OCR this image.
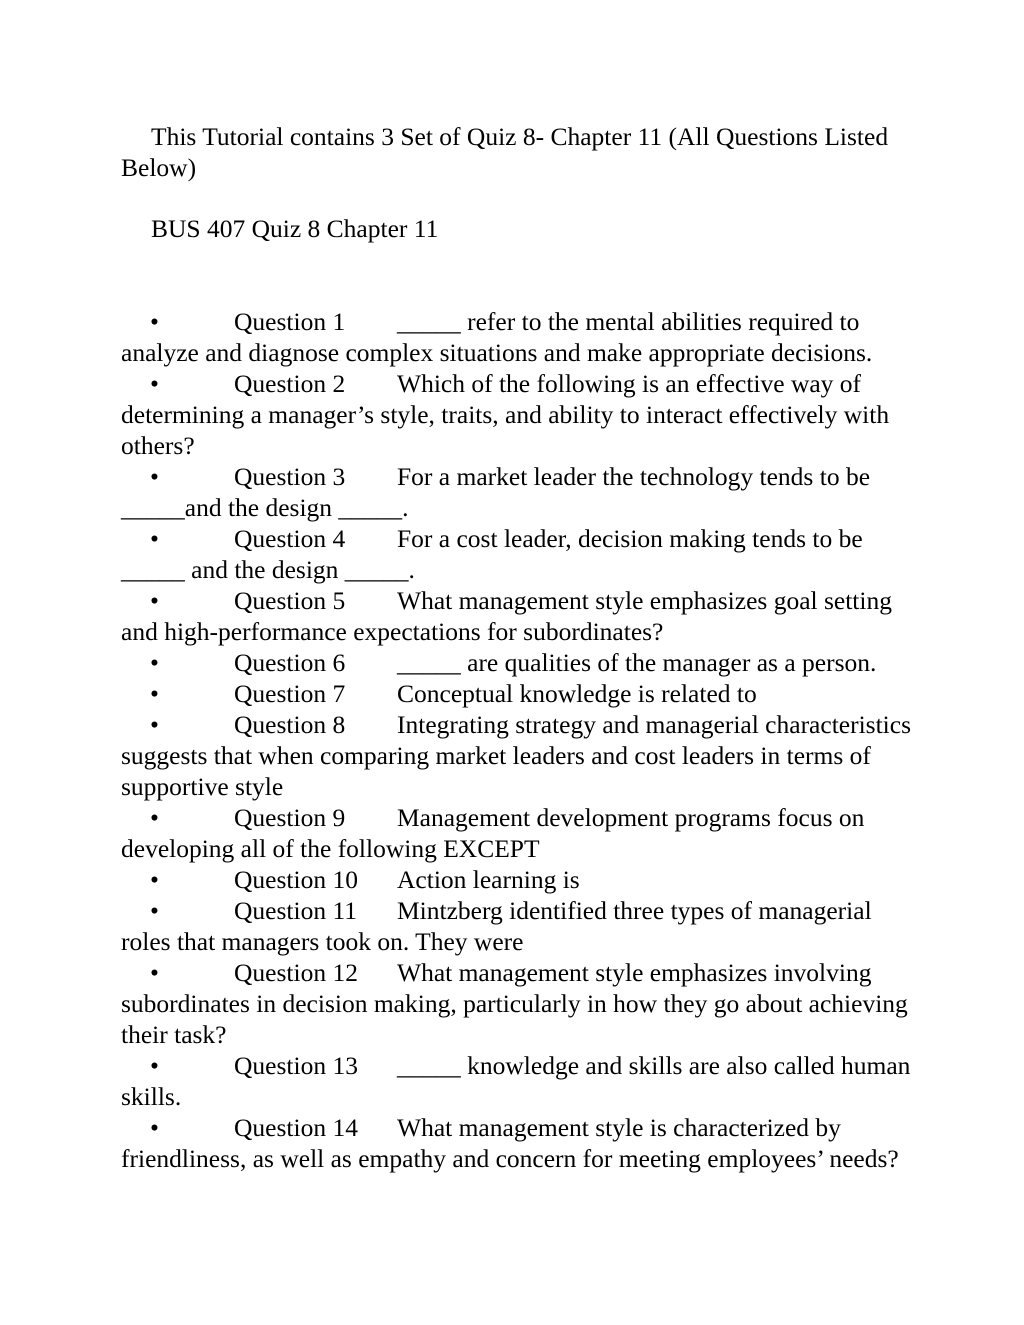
This Tutorial contains 3 Set of Quiz 8- Chapter 11 (All Questions Listed Below)

BUS 407 Quiz 8 Chapter 11

•	Question 1 _____ refer to the mental abilities required to analyze and diagnose complex situations and make appropriate decisions.
•	Question 2 Which of the following is an effective way of determining a manager’s style, traits, and ability to interact effectively with others?
•	Question 3 For a market leader the technology tends to be _____and the design _____.
•	Question 4 For a cost leader, decision making tends to be _____ and the design _____.
•	Question 5 What management style emphasizes goal setting and high-performance expectations for subordinates?
•	Question 6 _____ are qualities of the manager as a person.
•	Question 7 Conceptual knowledge is related to
•	Question 8 Integrating strategy and managerial characteristics suggests that when comparing market leaders and cost leaders in terms of supportive style
•	Question 9 Management development programs focus on developing all of the following EXCEPT
•	Question 10 Action learning is
•	Question 11 Mintzberg identified three types of managerial roles that managers took on. They were
•	Question 12 What management style emphasizes involving subordinates in decision making, particularly in how they go about achieving their task?
•	Question 13 _____ knowledge and skills are also called human skills.
•	Question 14 What management style is characterized by friendliness, as well as empathy and concern for meeting employees’ needs?
